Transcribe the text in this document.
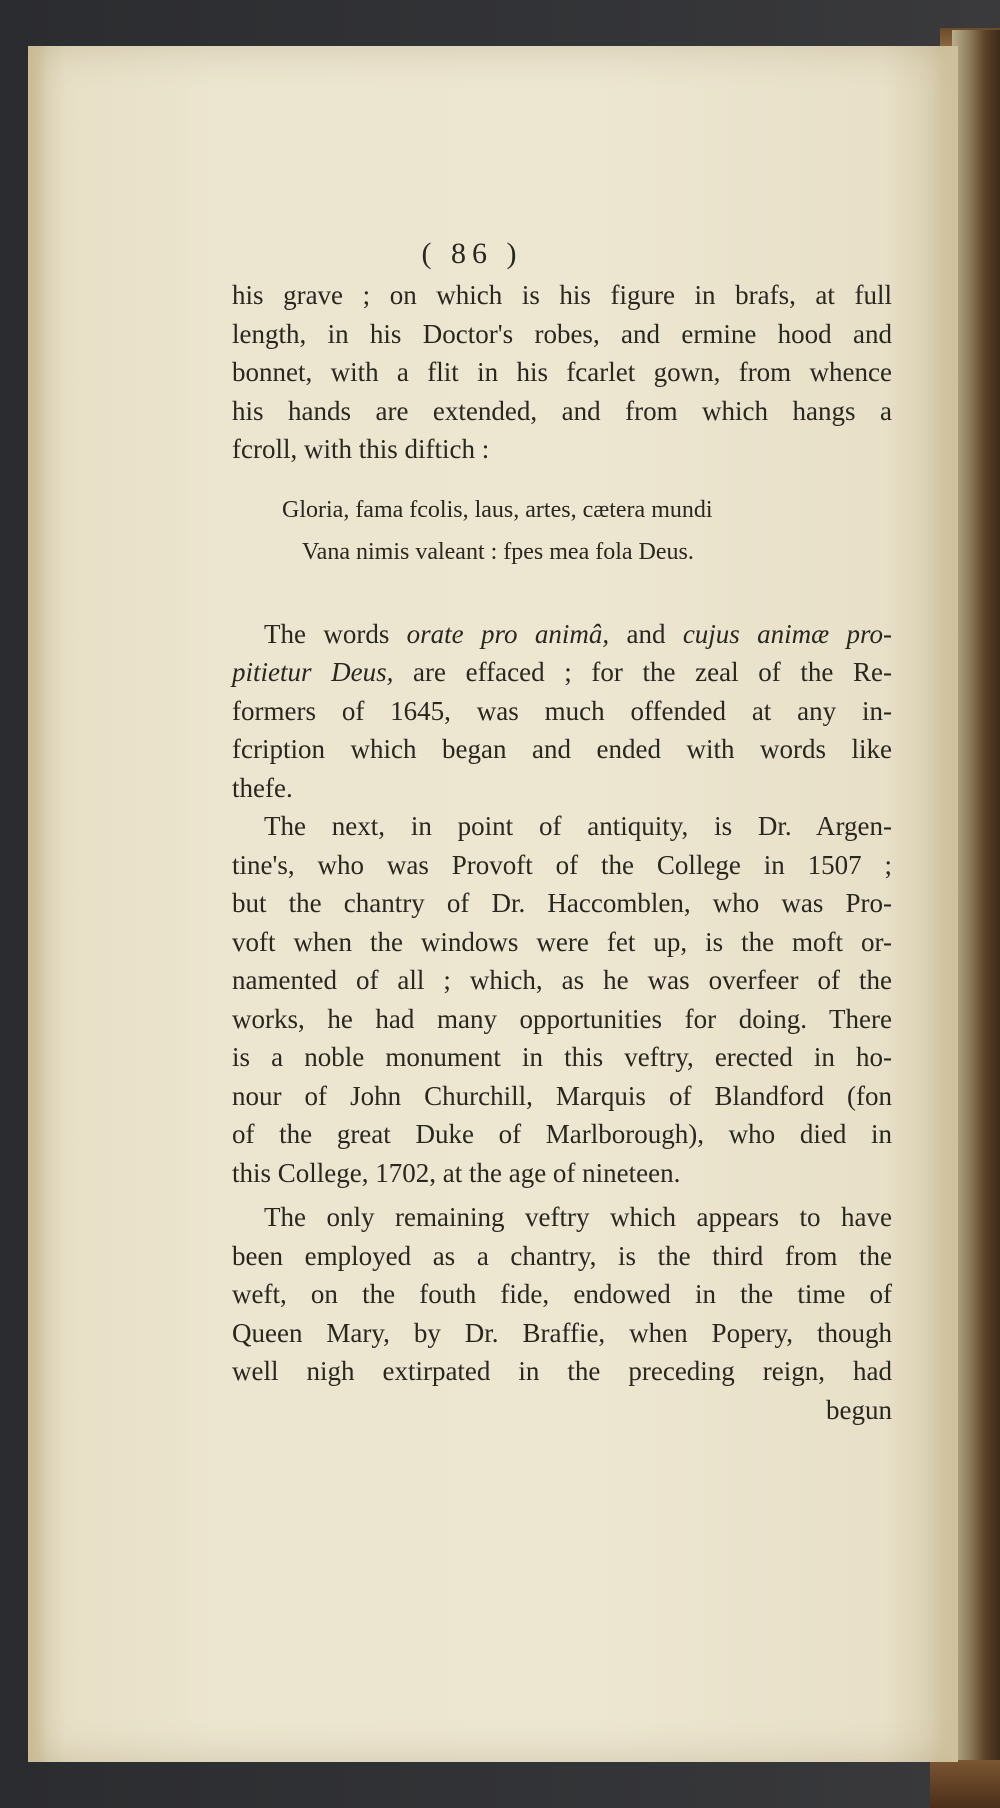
( 86 )
his grave ; on which is his figure in brafs, at full
length, in his Doctor's robes, and ermine hood and
bonnet, with a flit in his fcarlet gown, from whence
his hands are extended, and from which hangs a
fcroll, with this diftich :
Gloria, fama fcolis, laus, artes, cætera mundi
Vana nimis valeant : fpes mea fola Deus.
The words orate pro animâ, and cujus animæ pro-
pitietur Deus, are effaced ; for the zeal of the Re-
formers of 1645, was much offended at any in-
fcription which began and ended with words like
thefe.
The next, in point of antiquity, is Dr. Argen-
tine's, who was Provoft of the College in 1507 ;
but the chantry of Dr. Haccomblen, who was Pro-
voft when the windows were fet up, is the moft or-
namented of all ; which, as he was overfeer of the
works, he had many opportunities for doing. There
is a noble monument in this veftry, erected in ho-
nour of John Churchill, Marquis of Blandford (fon
of the great Duke of Marlborough), who died in
this College, 1702, at the age of nineteen.
The only remaining veftry which appears to have
been employed as a chantry, is the third from the
weft, on the fouth fide, endowed in the time of
Queen Mary, by Dr. Braffie, when Popery, though
well nigh extirpated in the preceding reign, had
begun
